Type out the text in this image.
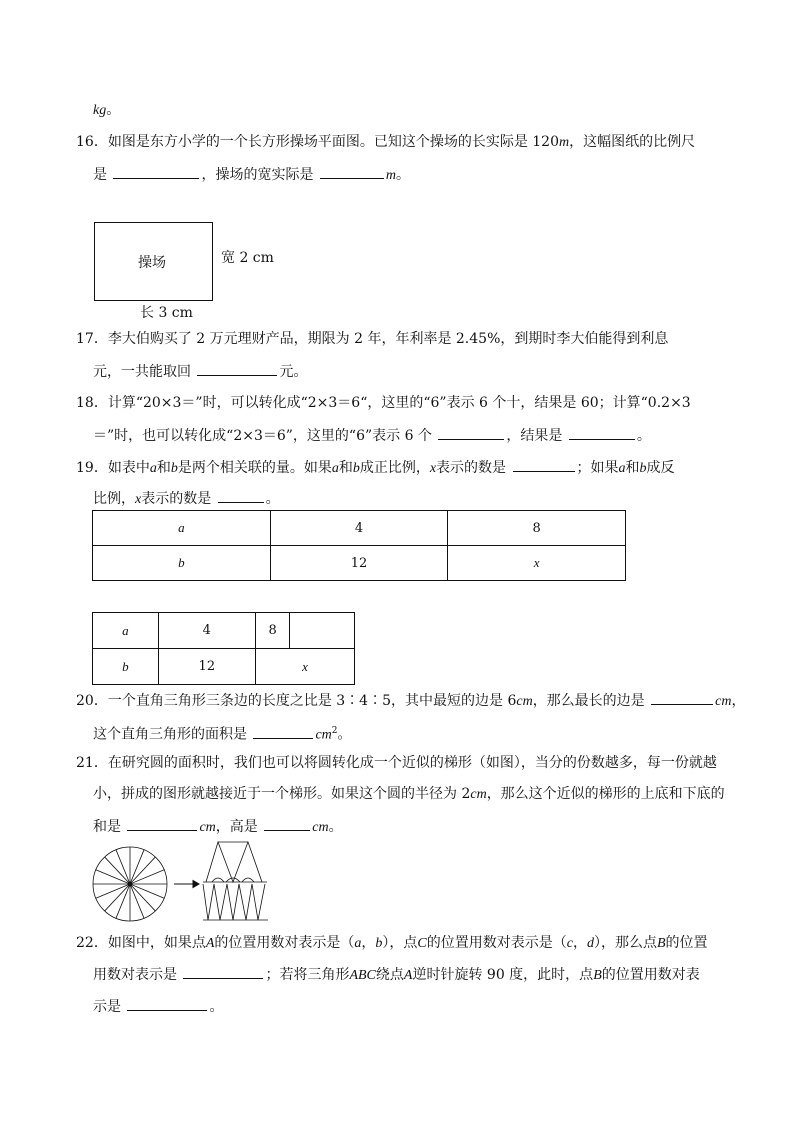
kg。
16．如图是东方小学的一个长方形操场平面图。已知这个操场的长实际是 120m，这幅图纸的比例尺
是	，操场的宽实际是	m。
操场	宽 2 cm
长 3 cm
17．李大伯购买了 2 万元理财产品，期限为 2 年，年利率是 2.45%，到期时李大伯能得到利息
元，一共能取回	元。
18．计算“20×3＝”时，可以转化成“2×3＝6“，这里的“6”表示 6 个十，结果是 60；计算“0.2×3
＝”时，也可以转化成“2×3＝6”，这里的“6”表示 6 个	，结果是	。
19．如表中a和b是两个相关联的量。如果a和b成正比例，x表示的数是	；如果a和b成反
比例，x表示的数是	。
a	4	8
b	12	x
a	4	8	
b	12	x	
20．一个直角三角形三条边的长度之比是 3∶4∶5，其中最短的边是 6cm，那么最长的边是	cm，
这个直角三角形的面积是	$cm^2$。
21．在研究圆的面积时，我们也可以将圆转化成一个近似的梯形（如图），当分的份数越多，每一份就越
小，拼成的图形就越接近于一个梯形。如果这个圆的半径为 2cm，那么这个近似的梯形的上底和下底的
和是	cm，高是	cm。
22．如图中，如果点A的位置用数对表示是（a，b），点C的位置用数对表示是（c，d），那么点B的位置
用数对表示是	；若将三角形ABC绕点A逆时针旋转 90 度，此时，点B的位置用数对表
示是	。
